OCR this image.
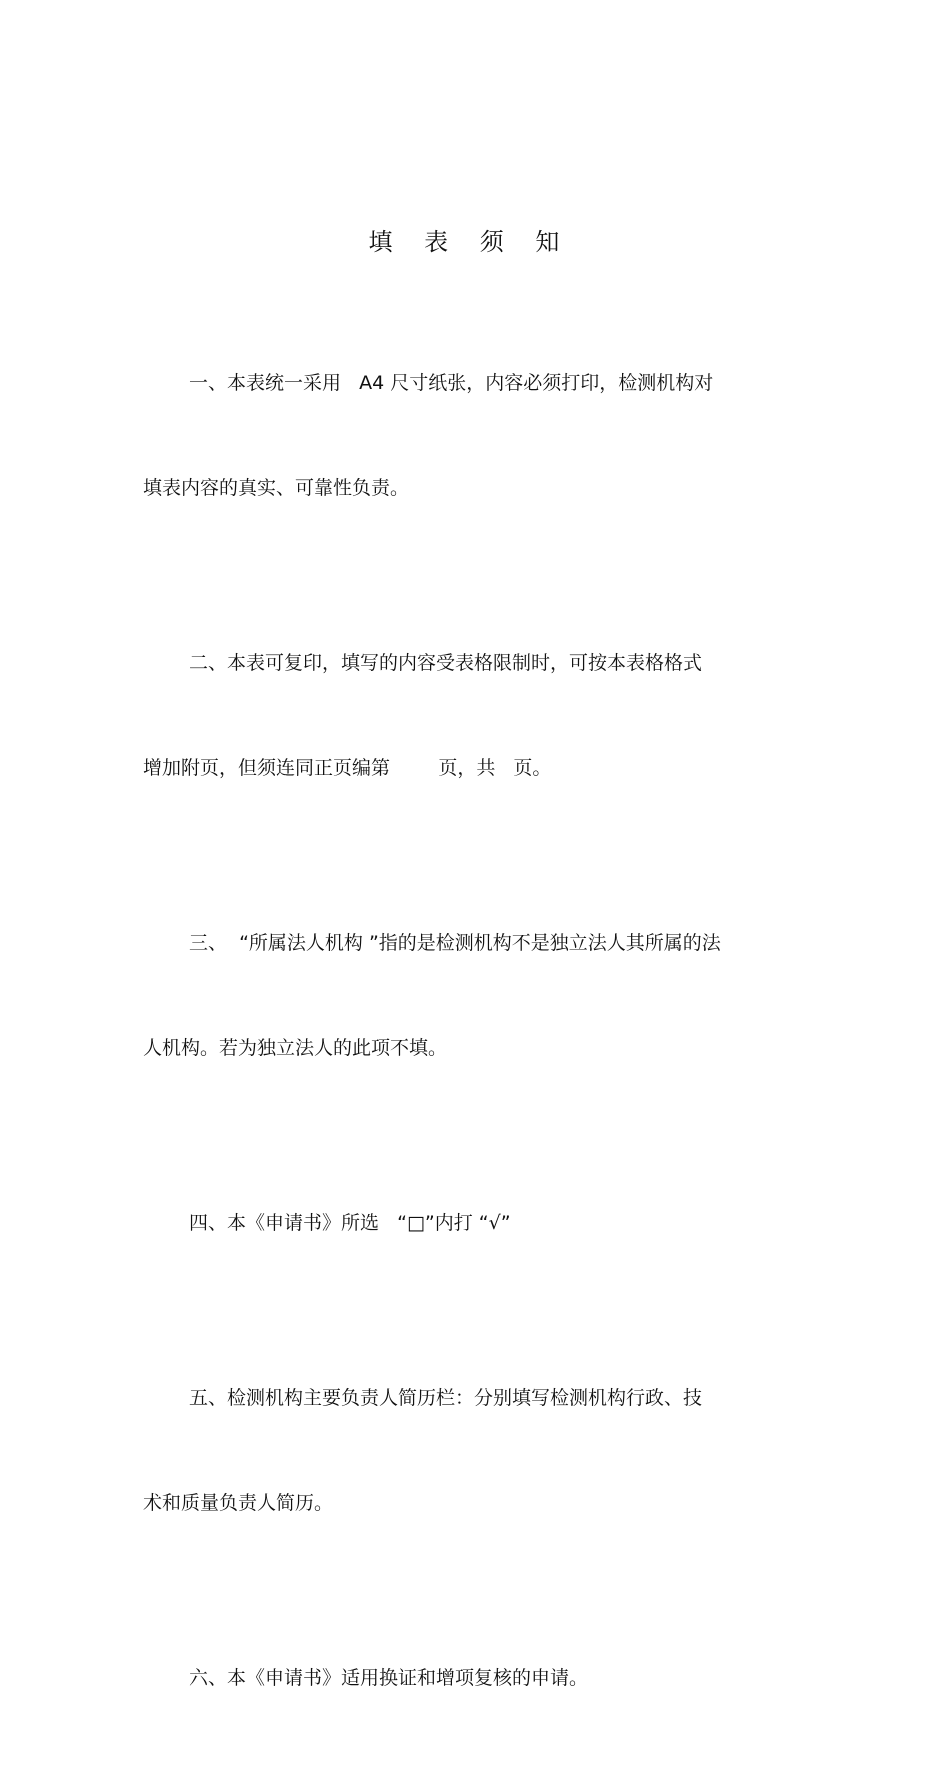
填 表 须 知

一、本表统一采用   A4 尺寸纸张，内容必须打印，检测机构对

填表内容的真实、可靠性负责。

二、本表可复印，填写的内容受表格限制时，可按本表格格式

增加附页，但须连同正页编第        页，共   页。

三、  “所属法人机构 ”指的是检测机构不是独立法人其所属的法

人机构。若为独立法人的此项不填。

四、本《申请书》所选   “□”内打 “√”

五、检测机构主要负责人简历栏：分别填写检测机构行政、技

术和质量负责人简历。

六、本《申请书》适用换证和增项复核的申请。
